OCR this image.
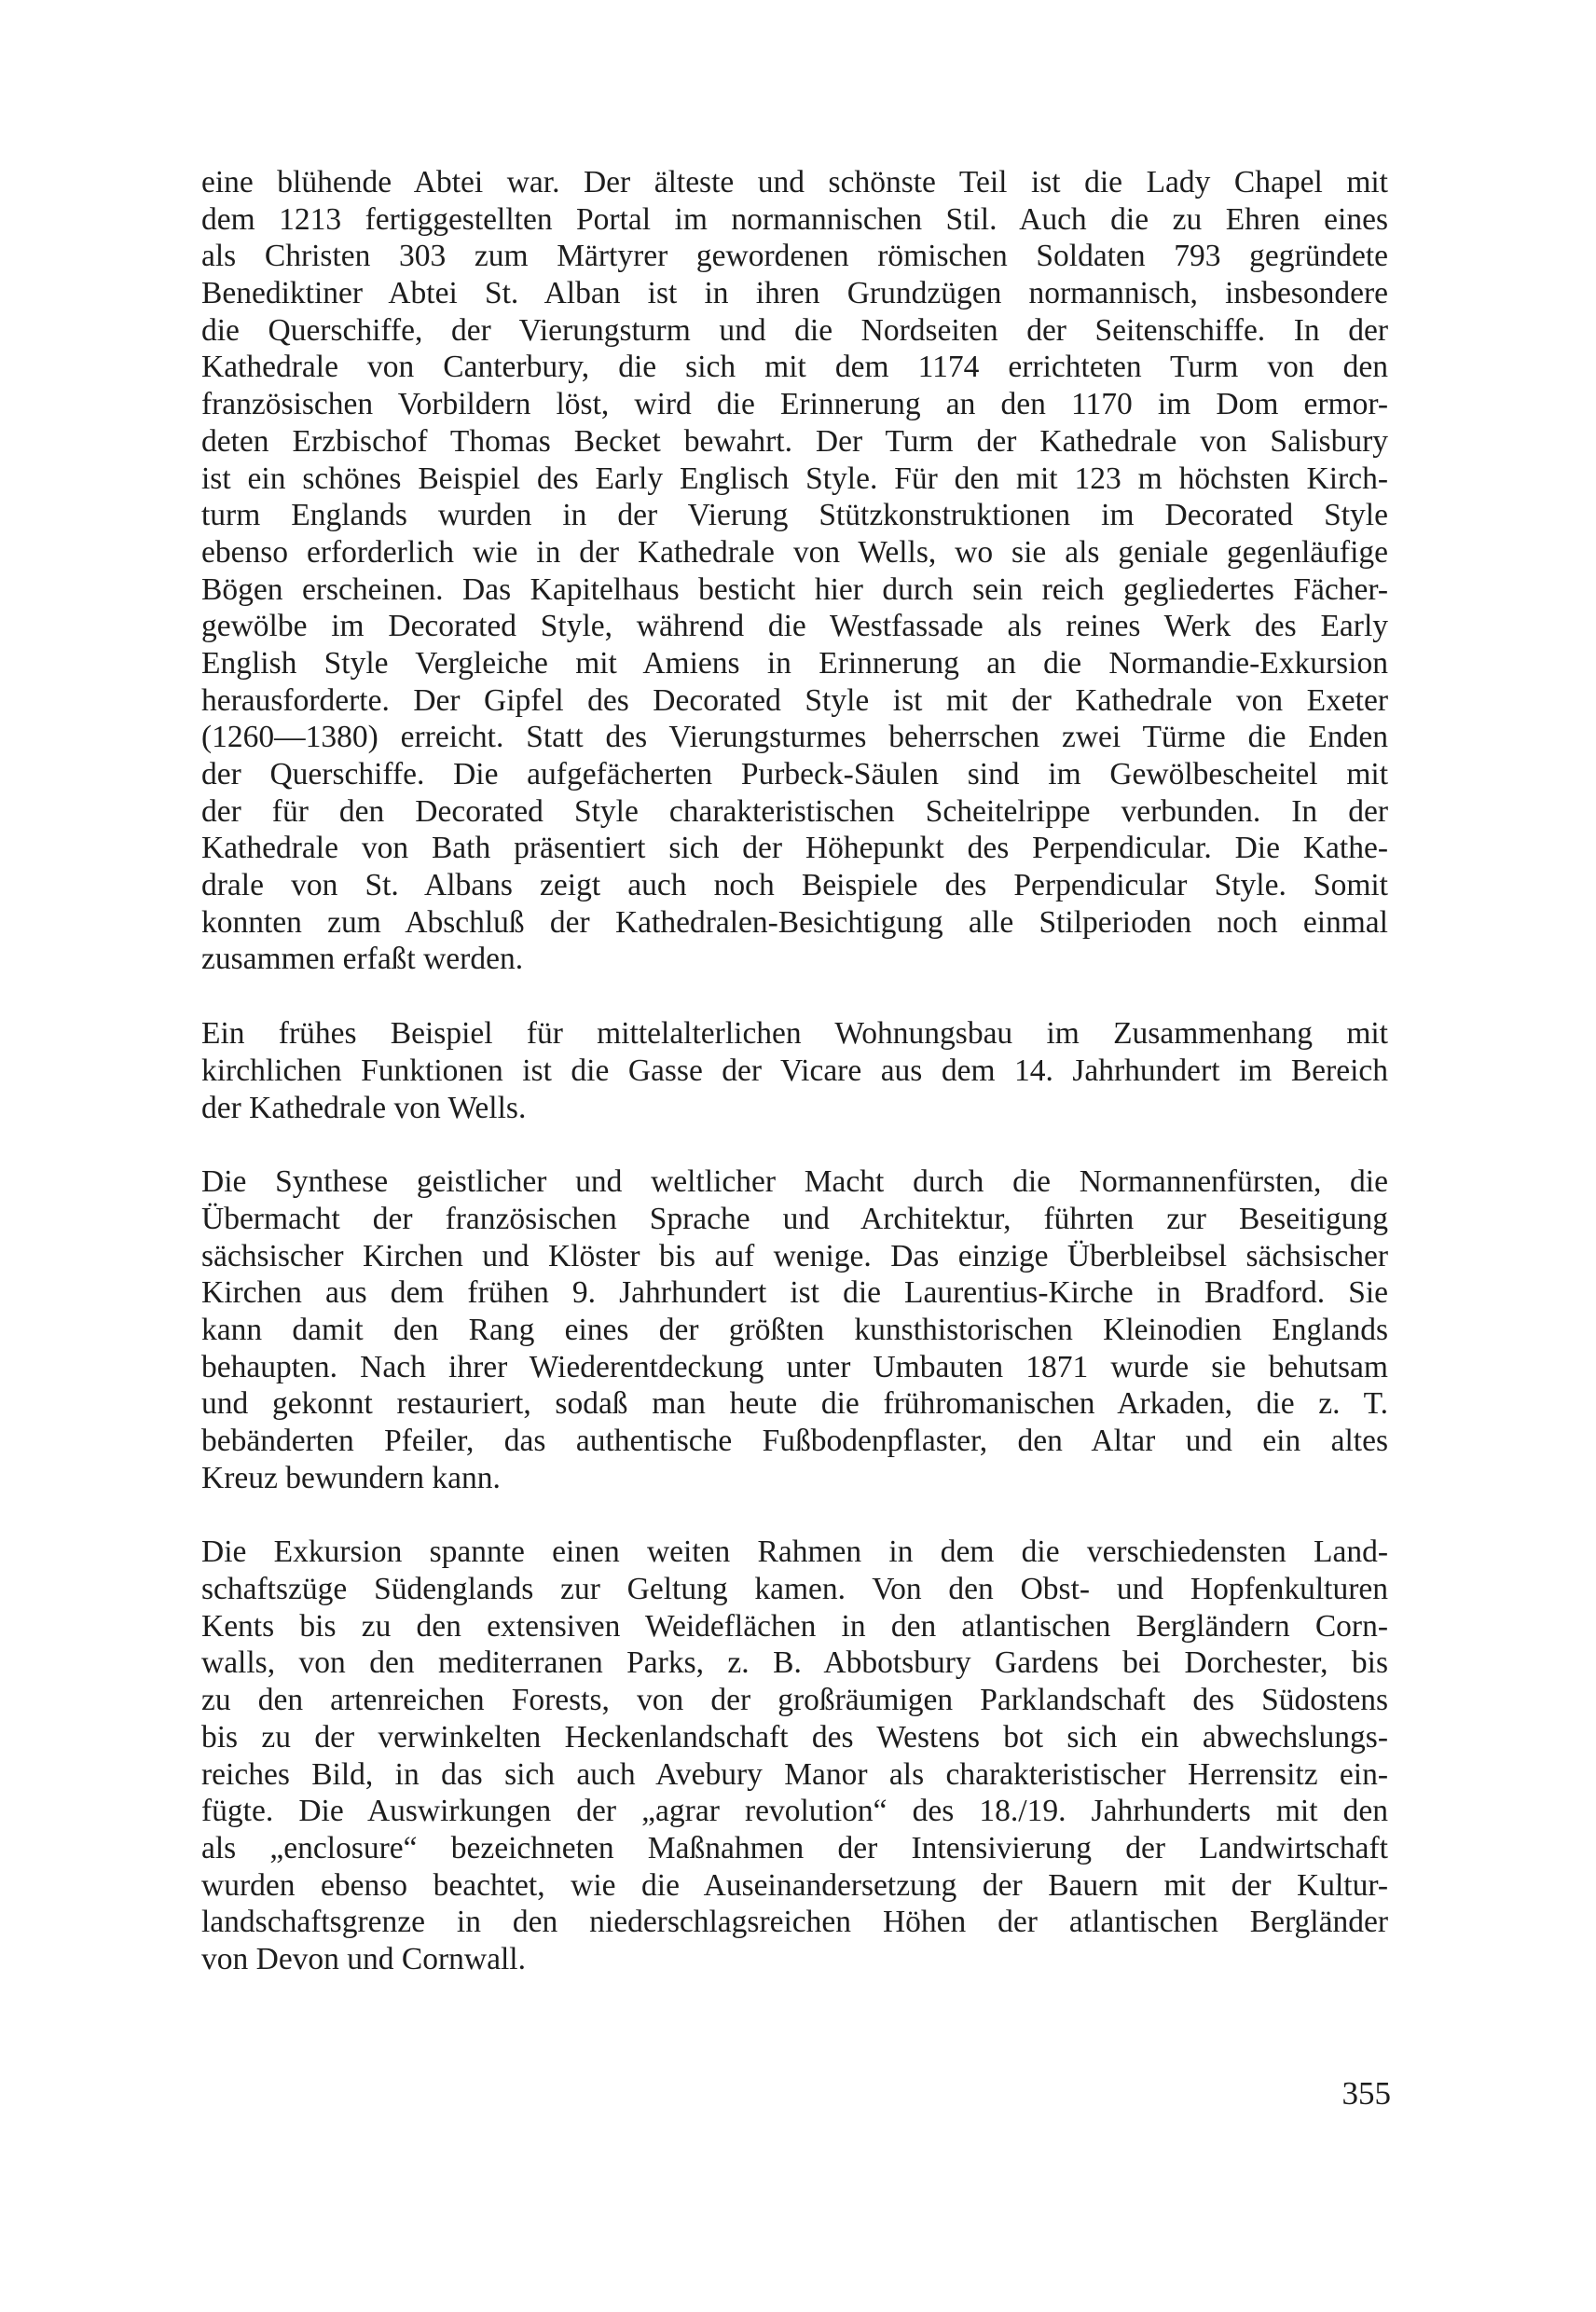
eine blühende Abtei war. Der älteste und schönste Teil ist die Lady Chapel mit
dem 1213 fertiggestellten Portal im normannischen Stil. Auch die zu Ehren eines
als Christen 303 zum Märtyrer gewordenen römischen Soldaten 793 gegründete
Benediktiner Abtei St. Alban ist in ihren Grundzügen normannisch, insbesondere
die Querschiffe, der Vierungsturm und die Nordseiten der Seitenschiffe. In der
Kathedrale von Canterbury, die sich mit dem 1174 errichteten Turm von den
französischen Vorbildern löst, wird die Erinnerung an den 1170 im Dom ermor-
deten Erzbischof Thomas Becket bewahrt. Der Turm der Kathedrale von Salisbury
ist ein schönes Beispiel des Early Englisch Style. Für den mit 123 m höchsten Kirch-
turm Englands wurden in der Vierung Stützkonstruktionen im Decorated Style
ebenso erforderlich wie in der Kathedrale von Wells, wo sie als geniale gegenläufige
Bögen erscheinen. Das Kapitelhaus besticht hier durch sein reich gegliedertes Fächer-
gewölbe im Decorated Style, während die Westfassade als reines Werk des Early
English Style Vergleiche mit Amiens in Erinnerung an die Normandie-Exkursion
herausforderte. Der Gipfel des Decorated Style ist mit der Kathedrale von Exeter
(1260—1380) erreicht. Statt des Vierungsturmes beherrschen zwei Türme die Enden
der Querschiffe. Die aufgefächerten Purbeck-Säulen sind im Gewölbescheitel mit
der für den Decorated Style charakteristischen Scheitelrippe verbunden. In der
Kathedrale von Bath präsentiert sich der Höhepunkt des Perpendicular. Die Kathe-
drale von St. Albans zeigt auch noch Beispiele des Perpendicular Style. Somit
konnten zum Abschluß der Kathedralen-Besichtigung alle Stilperioden noch einmal
zusammen erfaßt werden.

Ein frühes Beispiel für mittelalterlichen Wohnungsbau im Zusammenhang mit
kirchlichen Funktionen ist die Gasse der Vicare aus dem 14. Jahrhundert im Bereich
der Kathedrale von Wells.

Die Synthese geistlicher und weltlicher Macht durch die Normannenfürsten, die
Übermacht der französischen Sprache und Architektur, führten zur Beseitigung
sächsischer Kirchen und Klöster bis auf wenige. Das einzige Überbleibsel sächsischer
Kirchen aus dem frühen 9. Jahrhundert ist die Laurentius-Kirche in Bradford. Sie
kann damit den Rang eines der größten kunsthistorischen Kleinodien Englands
behaupten. Nach ihrer Wiederentdeckung unter Umbauten 1871 wurde sie behutsam
und gekonnt restauriert, sodaß man heute die frühromanischen Arkaden, die z. T.
bebänderten Pfeiler, das authentische Fußbodenpflaster, den Altar und ein altes
Kreuz bewundern kann.

Die Exkursion spannte einen weiten Rahmen in dem die verschiedensten Land-
schaftszüge Südenglands zur Geltung kamen. Von den Obst- und Hopfenkulturen
Kents bis zu den extensiven Weideflächen in den atlantischen Bergländern Corn-
walls, von den mediterranen Parks, z. B. Abbotsbury Gardens bei Dorchester, bis
zu den artenreichen Forests, von der großräumigen Parklandschaft des Südostens
bis zu der verwinkelten Heckenlandschaft des Westens bot sich ein abwechslungs-
reiches Bild, in das sich auch Avebury Manor als charakteristischer Herrensitz ein-
fügte. Die Auswirkungen der „agrar revolution“ des 18./19. Jahrhunderts mit den
als „enclosure“ bezeichneten Maßnahmen der Intensivierung der Landwirtschaft
wurden ebenso beachtet, wie die Auseinandersetzung der Bauern mit der Kultur-
landschaftsgrenze in den niederschlagsreichen Höhen der atlantischen Bergländer
von Devon und Cornwall.

355
